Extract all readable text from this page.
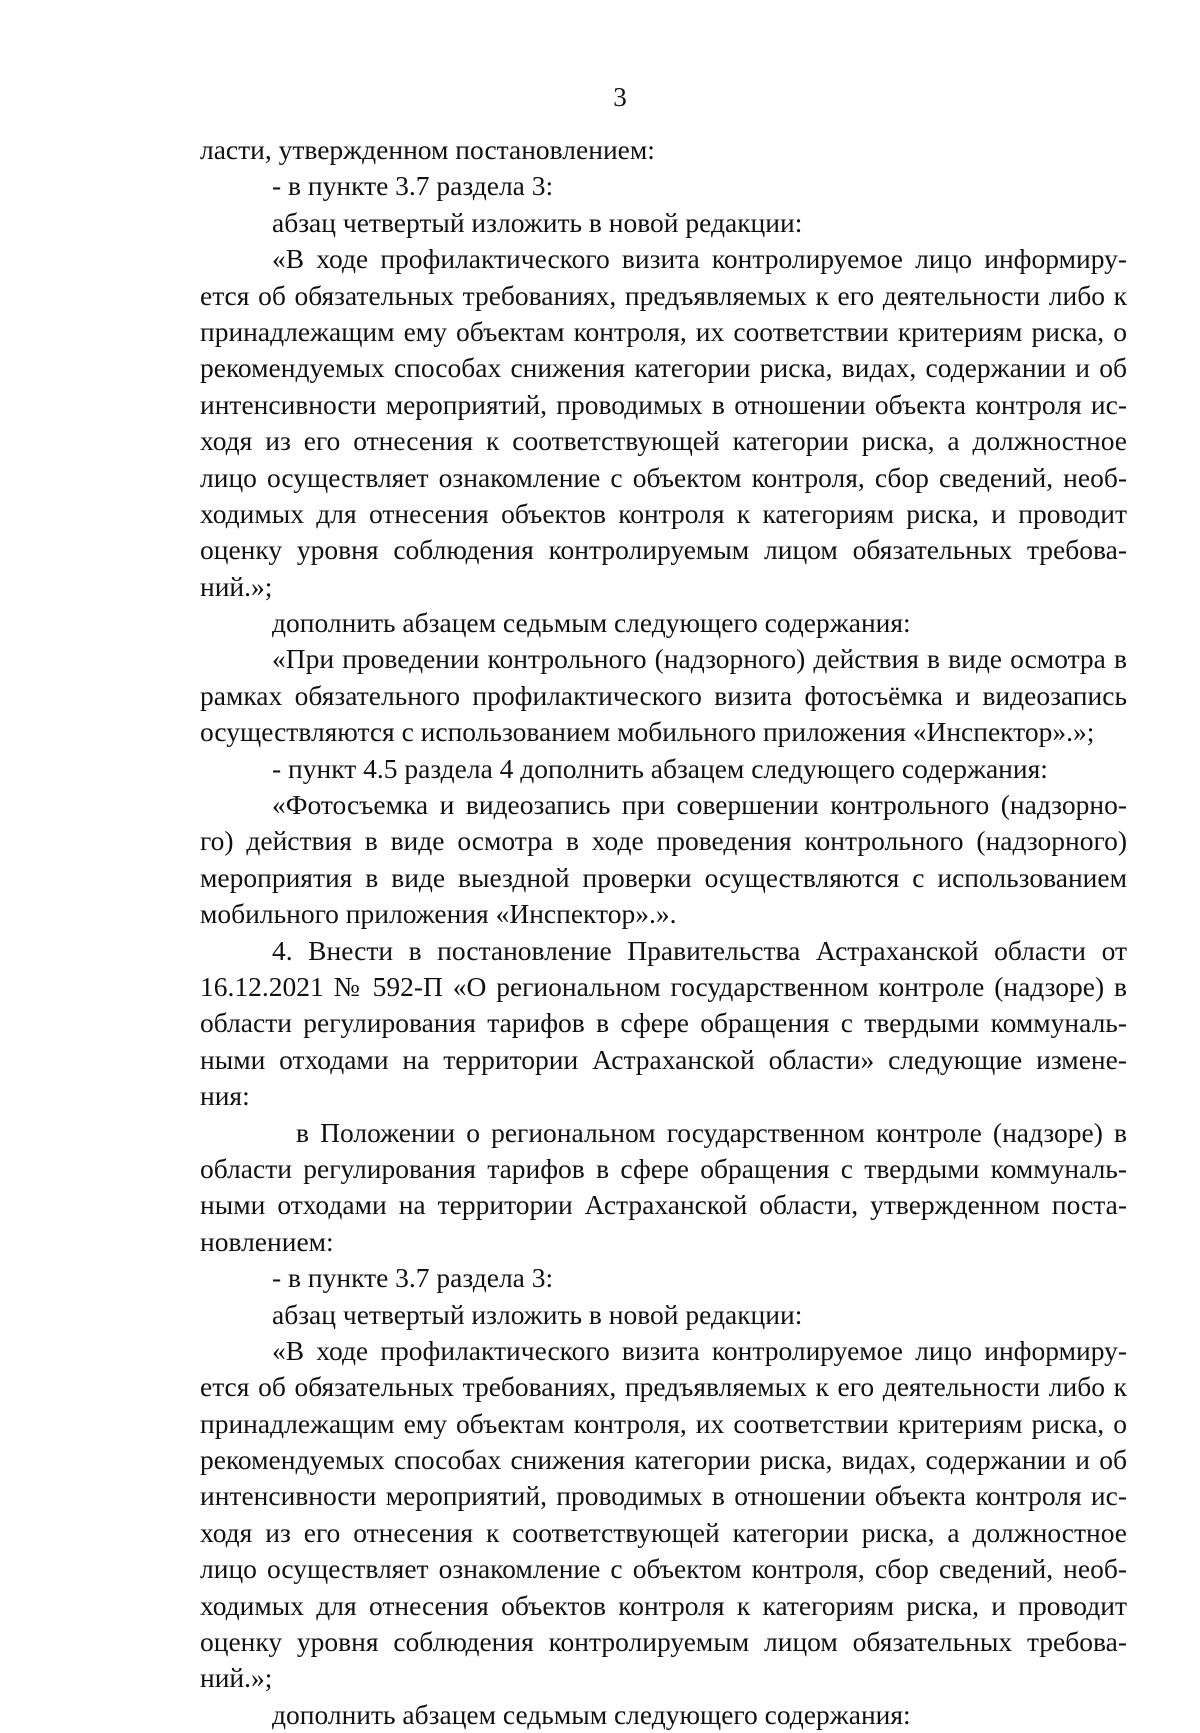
3
ласти, утвержденном постановлением:
- в пункте 3.7 раздела 3:
абзац четвертый изложить в новой редакции:
«В ходе профилактического визита контролируемое лицо информиру-
ется об обязательных требованиях, предъявляемых к его деятельности либо к
принадлежащим ему объектам контроля, их соответствии критериям риска, о
рекомендуемых способах снижения категории риска, видах, содержании и об
интенсивности мероприятий, проводимых в отношении объекта контроля ис-
ходя из его отнесения к соответствующей категории риска, а должностное
лицо осуществляет ознакомление с объектом контроля, сбор сведений, необ-
ходимых для отнесения объектов контроля к категориям риска, и проводит
оценку уровня соблюдения контролируемым лицом обязательных требова-
ний.»;
дополнить абзацем седьмым следующего содержания:
«При проведении контрольного (надзорного) действия в виде осмотра в
рамках обязательного профилактического визита фотосъёмка и видеозапись
осуществляются с использованием мобильного приложения «Инспектор».»;
- пункт 4.5 раздела 4 дополнить абзацем следующего содержания:
«Фотосъемка и видеозапись при совершении контрольного (надзорно-
го) действия в виде осмотра в ходе проведения контрольного (надзорного)
мероприятия в виде выездной проверки осуществляются с использованием
мобильного приложения «Инспектор».».
4. Внести в постановление Правительства Астраханской области от
16.12.2021 № 592-П «О региональном государственном контроле (надзоре) в
области регулирования тарифов в сфере обращения с твердыми коммуналь-
ными отходами на территории Астраханской области» следующие измене-
ния:
в Положении о региональном государственном контроле (надзоре) в
области регулирования тарифов в сфере обращения с твердыми коммуналь-
ными отходами на территории Астраханской области, утвержденном поста-
новлением:
- в пункте 3.7 раздела 3:
абзац четвертый изложить в новой редакции:
«В ходе профилактического визита контролируемое лицо информиру-
ется об обязательных требованиях, предъявляемых к его деятельности либо к
принадлежащим ему объектам контроля, их соответствии критериям риска, о
рекомендуемых способах снижения категории риска, видах, содержании и об
интенсивности мероприятий, проводимых в отношении объекта контроля ис-
ходя из его отнесения к соответствующей категории риска, а должностное
лицо осуществляет ознакомление с объектом контроля, сбор сведений, необ-
ходимых для отнесения объектов контроля к категориям риска, и проводит
оценку уровня соблюдения контролируемым лицом обязательных требова-
ний.»;
дополнить абзацем седьмым следующего содержания:
